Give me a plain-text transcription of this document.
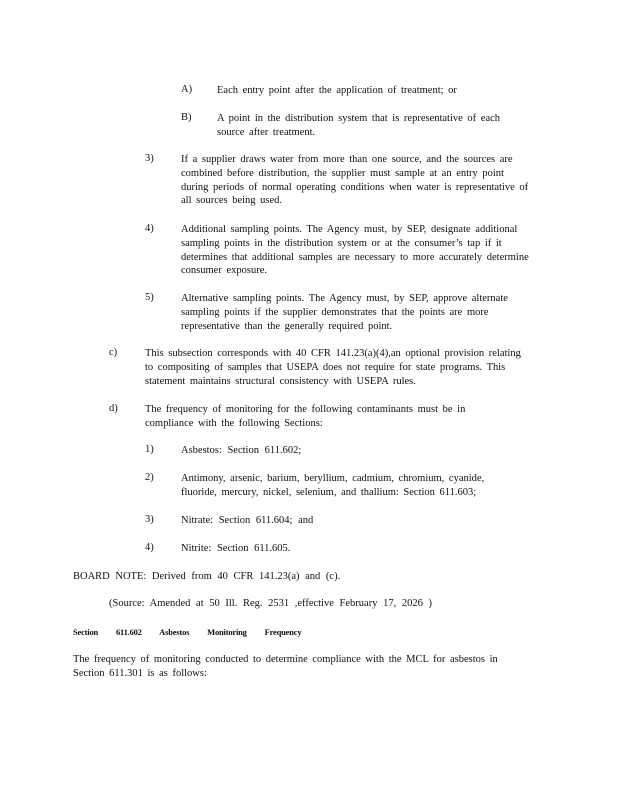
A) Each entry point after the application of treatment; or
B) A point in the distribution system that is representative of each source after treatment.
3)	If a supplier draws water from more than one source, and the sources are combined before distribution, the supplier must sample at an entry point during periods of normal operating conditions when water is representative of all sources being used.
4)	Additional sampling points. The Agency must, by SEP, designate additional sampling points in the distribution system or at the consumer’s tap if it determines that additional samples are necessary to more accurately determine consumer exposure.
5)	Alternative sampling points. The Agency must, by SEP, approve alternate sampling points if the supplier demonstrates that the points are more representative than the generally required point.
c)	This subsection corresponds with 40 CFR 141.23(a)(4),an optional provision relating to compositing of samples that USEPA does not require for state programs. This statement maintains structural consistency with USEPA rules.
d)	The frequency of monitoring for the following contaminants must be in compliance with the following Sections:
1)	Asbestos: Section 611.602;
2)	Antimony, arsenic, barium, beryllium, cadmium, chromium, cyanide, fluoride, mercury, nickel, selenium, and thallium: Section 611.603;
3)	Nitrate: Section 611.604; and
4)	Nitrite: Section 611.605.
BOARD NOTE: Derived from 40 CFR 141.23(a) and (c).
(Source: Amended at 50 Ill. Reg. 2531 ,effective February 17, 2026 )
Section 611.602 Asbestos Monitoring Frequency
The frequency of monitoring conducted to determine compliance with the MCL for asbestos in Section 611.301 is as follows:
